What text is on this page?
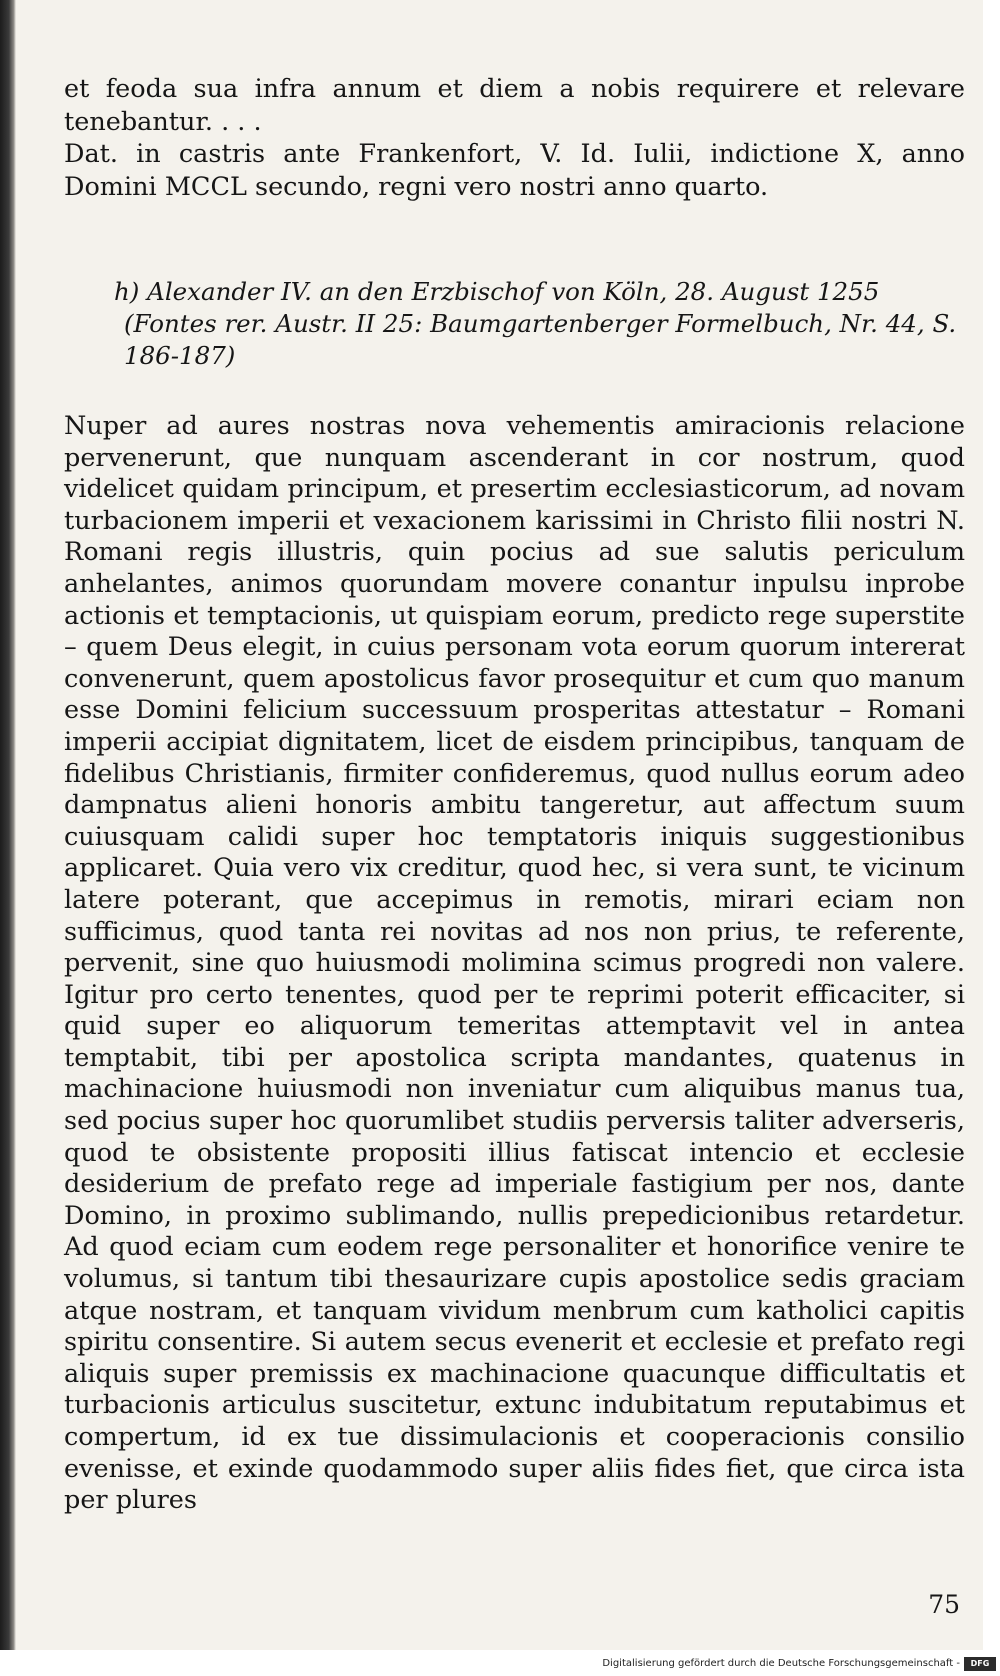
et feoda sua infra annum et diem a nobis requirere et relevare tenebantur. . . .

Dat. in castris ante Frankenfort, V. Id. Iulii, indictione X, anno Domini MCCL secundo, regni vero nostri anno quarto.

h) Alexander IV. an den Erzbischof von Köln, 28. August 1255
(Fontes rer. Austr. II 25: Baumgartenberger Formelbuch, Nr. 44, S. 186-187)

Nuper ad aures nostras nova vehementis amiracionis relacione pervenerunt, que nunquam ascenderant in cor nostrum, quod videlicet quidam principum, et presertim ecclesiasticorum, ad novam turbacionem imperii et vexacionem karissimi in Christo filii nostri N. Romani regis illustris, quin pocius ad sue salutis periculum anhelantes, animos quorundam movere conantur inpulsu inprobe actionis et temptacionis, ut quispiam eorum, predicto rege superstite – quem Deus elegit, in cuius personam vota eorum quorum intererat convenerunt, quem apostolicus favor prosequitur et cum quo manum esse Domini felicium successuum prosperitas attestatur – Romani imperii accipiat dignitatem, licet de eisdem principibus, tanquam de fidelibus Christianis, firmiter confideremus, quod nullus eorum adeo dampnatus alieni honoris ambitu tangeretur, aut affectum suum cuiusquam calidi super hoc temptatoris iniquis suggestionibus applicaret. Quia vero vix creditur, quod hec, si vera sunt, te vicinum latere poterant, que accepimus in remotis, mirari eciam non sufficimus, quod tanta rei novitas ad nos non prius, te referente, pervenit, sine quo huiusmodi molimina scimus progredi non valere. Igitur pro certo tenentes, quod per te reprimi poterit efficaciter, si quid super eo aliquorum temeritas attemptavit vel in antea temptabit, tibi per apostolica scripta mandantes, quatenus in machinacione huiusmodi non inveniatur cum aliquibus manus tua, sed pocius super hoc quorumlibet studiis perversis taliter adverseris, quod te obsistente propositi illius fatiscat intencio et ecclesie desiderium de prefato rege ad imperiale fastigium per nos, dante Domino, in proximo sublimando, nullis prepedicionibus retardetur. Ad quod eciam cum eodem rege personaliter et honorifice venire te volumus, si tantum tibi thesaurizare cupis apostolice sedis graciam atque nostram, et tanquam vividum menbrum cum katholici capitis spiritu consentire. Si autem secus evenerit et ecclesie et prefato regi aliquis super premissis ex machinacione quacunque difficultatis et turbacionis articulus suscitetur, extunc indubitatum reputabimus et compertum, id ex tue dissimulacionis et cooperacionis consilio evenisse, et exinde quodammodo super aliis fides fiet, que circa ista per plures

75
Digitalisierung gefördert durch die Deutsche Forschungsgemeinschaft -	DFG
